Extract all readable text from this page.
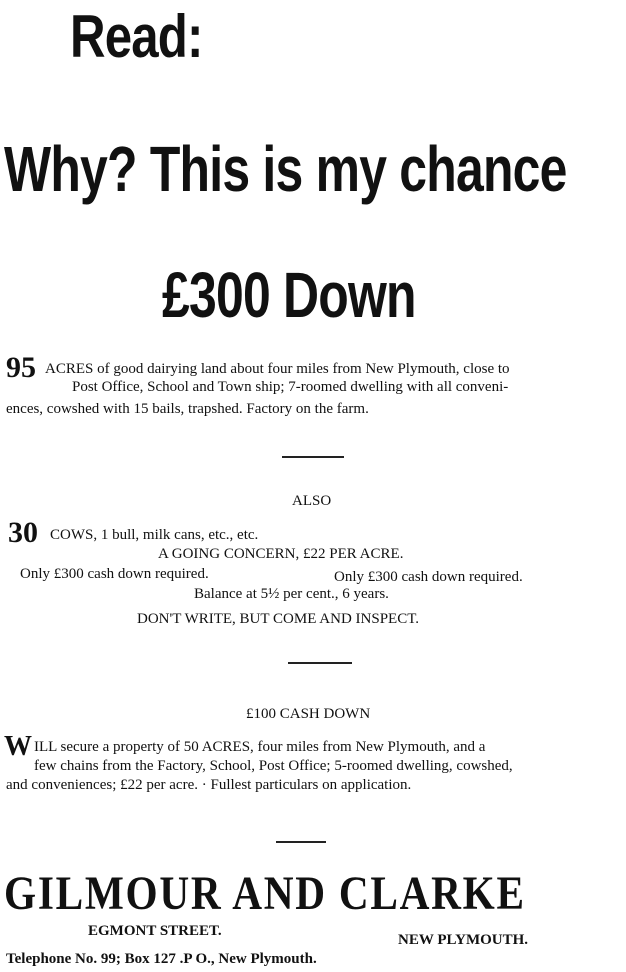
Read:
Why? This is my chance
£300 Down
95 ACRES of good dairying land about four miles from New Plymouth, close to
Post Office, School and Town ship; 7-roomed dwelling with all conveni-
ences, cowshed with 15 bails, trapshed. Factory on the farm.
ALSO
30 COWS, 1 bull, milk cans, etc., etc.
A GOING CONCERN, £22 PER ACRE.
Only £300 cash down required.	Only £300 cash down required.
Balance at 5½ per cent., 6 years.
DON'T WRITE, BUT COME AND INSPECT.
£100 CASH DOWN
W ILL secure a property of 50 ACRES, four miles from New Plymouth, and a
few chains from the Factory, School, Post Office; 5-roomed dwelling, cowshed,
and conveniences; £22 per acre. · Fullest particulars on application.
GILMOUR AND CLARKE
EGMONT STREET.
NEW PLYMOUTH.
Telephone No. 99; Box 127 .P O., New Plymouth.
